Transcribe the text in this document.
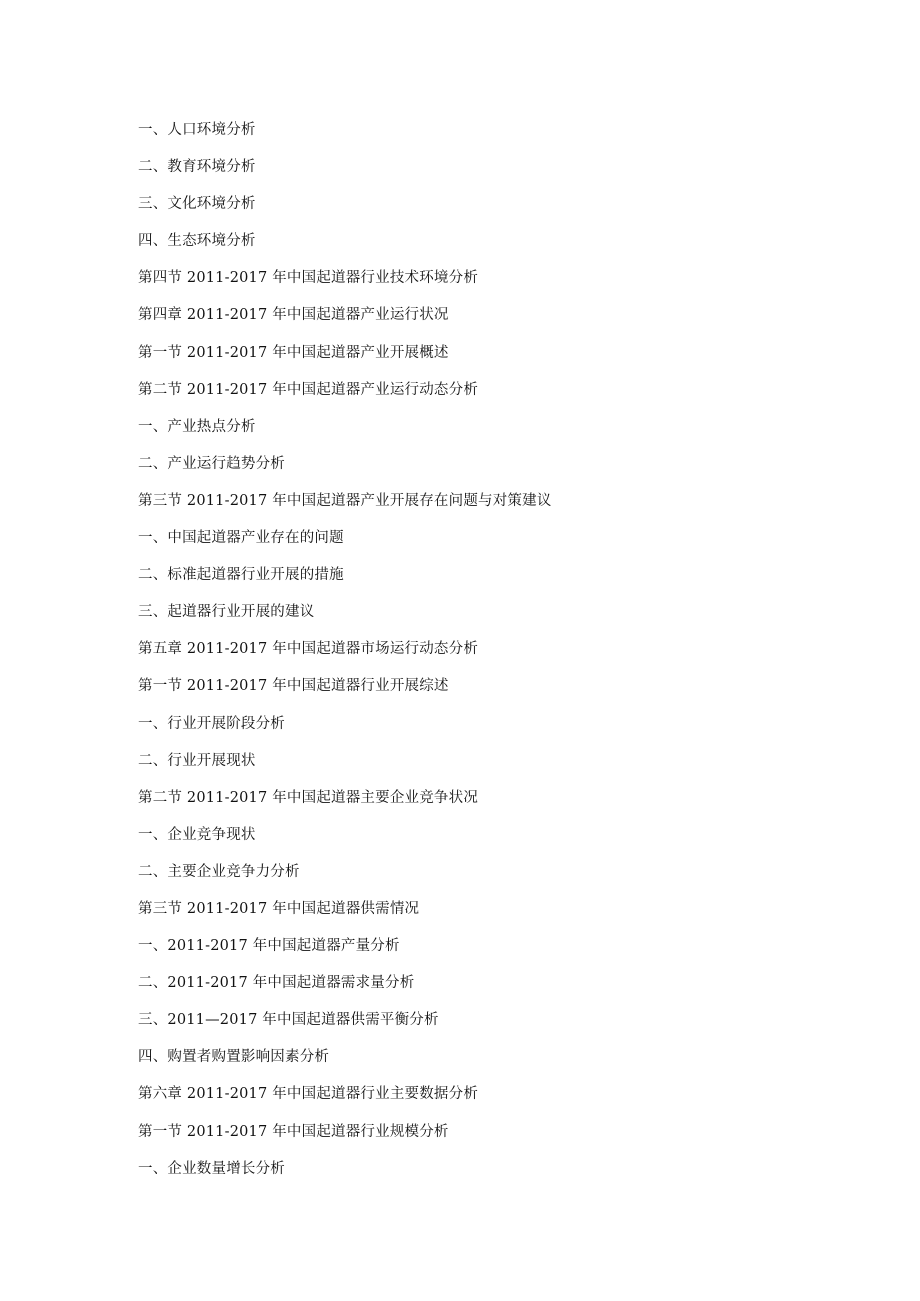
一、人口环境分析
二、教育环境分析
三、文化环境分析
四、生态环境分析
第四节 2011-2017 年中国起道器行业技术环境分析
第四章 2011-2017 年中国起道器产业运行状况
第一节 2011-2017 年中国起道器产业开展概述
第二节 2011-2017 年中国起道器产业运行动态分析
一、产业热点分析
二、产业运行趋势分析
第三节 2011-2017 年中国起道器产业开展存在问题与对策建议
一、中国起道器产业存在的问题
二、标准起道器行业开展的措施
三、起道器行业开展的建议
第五章 2011-2017 年中国起道器市场运行动态分析
第一节 2011-2017 年中国起道器行业开展综述
一、行业开展阶段分析
二、行业开展现状
第二节 2011-2017 年中国起道器主要企业竞争状况
一、企业竞争现状
二、主要企业竞争力分析
第三节 2011-2017 年中国起道器供需情况
一、2011-2017 年中国起道器产量分析
二、2011-2017 年中国起道器需求量分析
三、2011—2017 年中国起道器供需平衡分析
四、购置者购置影响因素分析
第六章 2011-2017 年中国起道器行业主要数据分析
第一节 2011-2017 年中国起道器行业规模分析
一、企业数量增长分析
